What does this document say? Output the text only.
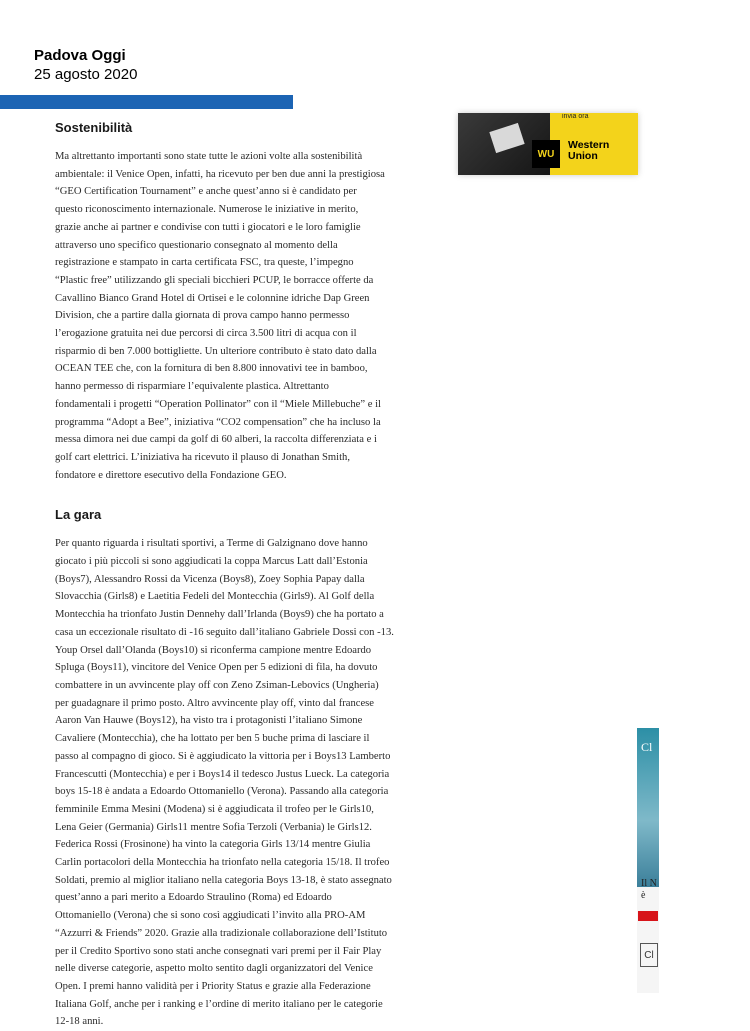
Padova Oggi
25 agosto 2020
invia ora
WU
Western
Union
Cl
Il N
è
Cl
Sostenibilità

Ma altrettanto importanti sono state tutte le azioni volte alla sostenibilità
ambientale: il Venice Open, infatti, ha ricevuto per ben due anni la prestigiosa
“GEO Certification Tournament” e anche quest’anno si è candidato per
questo riconoscimento internazionale. Numerose le iniziative in merito,
grazie anche ai partner e condivise con tutti i giocatori e le loro famiglie
attraverso uno specifico questionario consegnato al momento della
registrazione e stampato in carta certificata FSC, tra queste, l’impegno
“Plastic free” utilizzando gli speciali bicchieri PCUP, le borracce offerte da
Cavallino Bianco Grand Hotel di Ortisei e le colonnine idriche Dap Green
Division, che a partire dalla giornata di prova campo hanno permesso
l’erogazione gratuita nei due percorsi di circa 3.500 litri di acqua con il
risparmio di ben 7.000 bottigliette. Un ulteriore contributo è stato dato dalla
OCEAN TEE che, con la fornitura di ben 8.800 innovativi tee in bamboo,
hanno permesso di risparmiare l’equivalente plastica. Altrettanto
fondamentali i progetti “Operation Pollinator” con il “Miele Millebuche” e il
programma “Adopt a Bee”, iniziativa “CO2 compensation” che ha incluso la
messa dimora nei due campi da golf di 60 alberi, la raccolta differenziata e i
golf cart elettrici. L’iniziativa ha ricevuto il plauso di Jonathan Smith,
fondatore e direttore esecutivo della Fondazione GEO.

La gara

Per quanto riguarda i risultati sportivi, a Terme di Galzignano dove hanno
giocato i più piccoli si sono aggiudicati la coppa Marcus Latt dall’Estonia
(Boys7), Alessandro Rossi da Vicenza (Boys8), Zoey Sophia Papay dalla
Slovacchia (Girls8) e Laetitia Fedeli del Montecchia (Girls9). Al Golf della
Montecchia ha trionfato Justin Dennehy dall’Irlanda (Boys9) che ha portato a
casa un eccezionale risultato di -16 seguito dall’italiano Gabriele Dossi con -13.
Youp Orsel dall’Olanda (Boys10) si riconferma campione mentre Edoardo
Spluga (Boys11), vincitore del Venice Open per 5 edizioni di fila, ha dovuto
combattere in un avvincente play off con Zeno Zsiman-Lebovics (Ungheria)
per guadagnare il primo posto. Altro avvincente play off, vinto dal francese
Aaron Van Hauwe (Boys12), ha visto tra i protagonisti l’italiano Simone
Cavaliere (Montecchia), che ha lottato per ben 5 buche prima di lasciare il
passo al compagno di gioco. Si è aggiudicato la vittoria per i Boys13 Lamberto
Francescutti (Montecchia) e per i Boys14 il tedesco Justus Lueck. La categoria
boys 15-18 è andata a Edoardo Ottomaniello (Verona). Passando alla categoria
femminile Emma Mesini (Modena) si è aggiudicata il trofeo per le Girls10,
Lena Geier (Germania) Girls11 mentre Sofia Terzoli (Verbania) le Girls12.
Federica Rossi (Frosinone) ha vinto la categoria Girls 13/14 mentre Giulia
Carlin portacolori della Montecchia ha trionfato nella categoria 15/18. Il trofeo
Soldati, premio al miglior italiano nella categoria Boys 13-18, è stato assegnato
quest’anno a pari merito a Edoardo Straulino (Roma) ed Edoardo
Ottomaniello (Verona) che si sono così aggiudicati l’invito alla PRO-AM
“Azzurri & Friends” 2020. Grazie alla tradizionale collaborazione dell’Istituto
per il Credito Sportivo sono stati anche consegnati vari premi per il Fair Play
nelle diverse categorie, aspetto molto sentito dagli organizzatori del Venice
Open. I premi hanno validità per i Priority Status e grazie alla Federazione
Italiana Golf, anche per i ranking e l’ordine di merito italiano per le categorie
12-18 anni.
